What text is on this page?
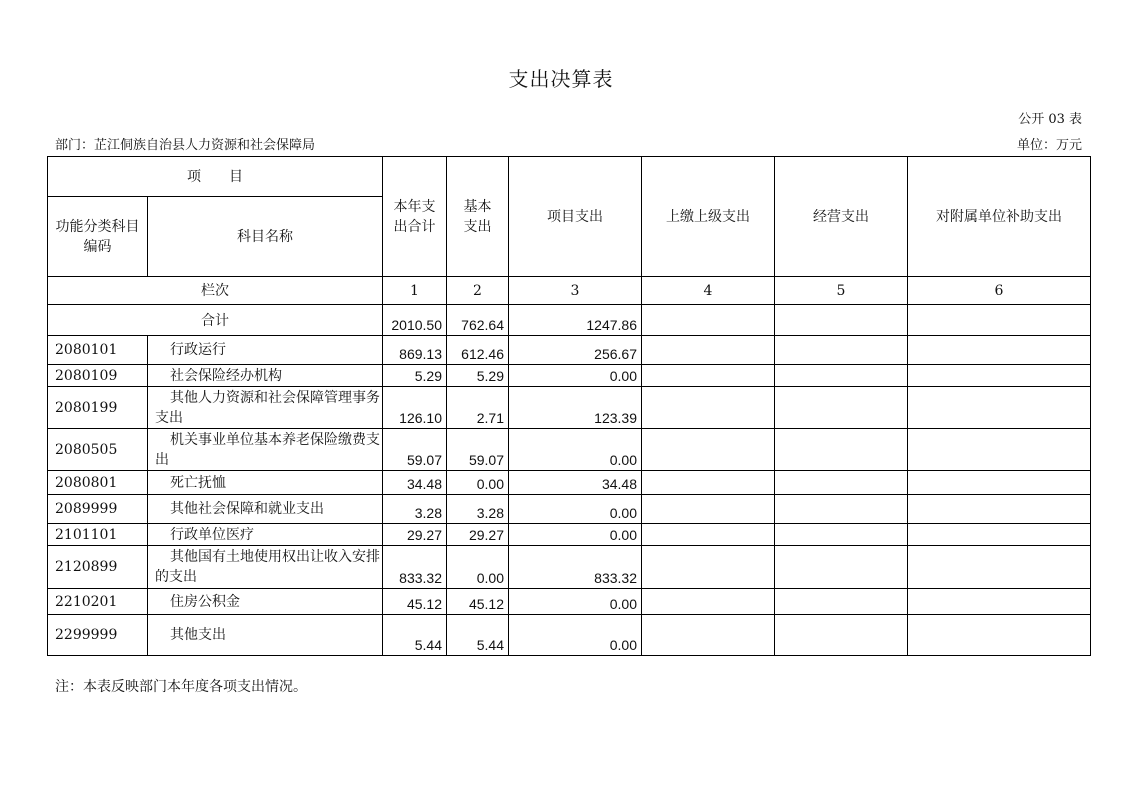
支出决算表
公开 03 表
部门：芷江侗族自治县人力资源和社会保障局	单位：万元
项　　目		本年支出合计	基本支出	项目支出	上缴上级支出	经营支出	对附属单位补助支出
功能分类科目编码	科目名称						
栏次		1	2	3	4	5	6
合计		2010.50	762.64	1247.86			
2080101	行政运行	869.13	612.46	256.67			
2080109	社会保险经办机构	5.29	5.29	0.00			
2080199	其他人力资源和社会保障管理事务支出	126.10	2.71	123.39			
2080505	机关事业单位基本养老保险缴费支出	59.07	59.07	0.00			
2080801	死亡抚恤	34.48	0.00	34.48			
2089999	其他社会保障和就业支出	3.28	3.28	0.00			
2101101	行政单位医疗	29.27	29.27	0.00			
2120899	其他国有土地使用权出让收入安排的支出	833.32	0.00	833.32			
2210201	住房公积金	45.12	45.12	0.00			
2299999	其他支出	5.44	5.44	0.00			
注：本表反映部门本年度各项支出情况。
